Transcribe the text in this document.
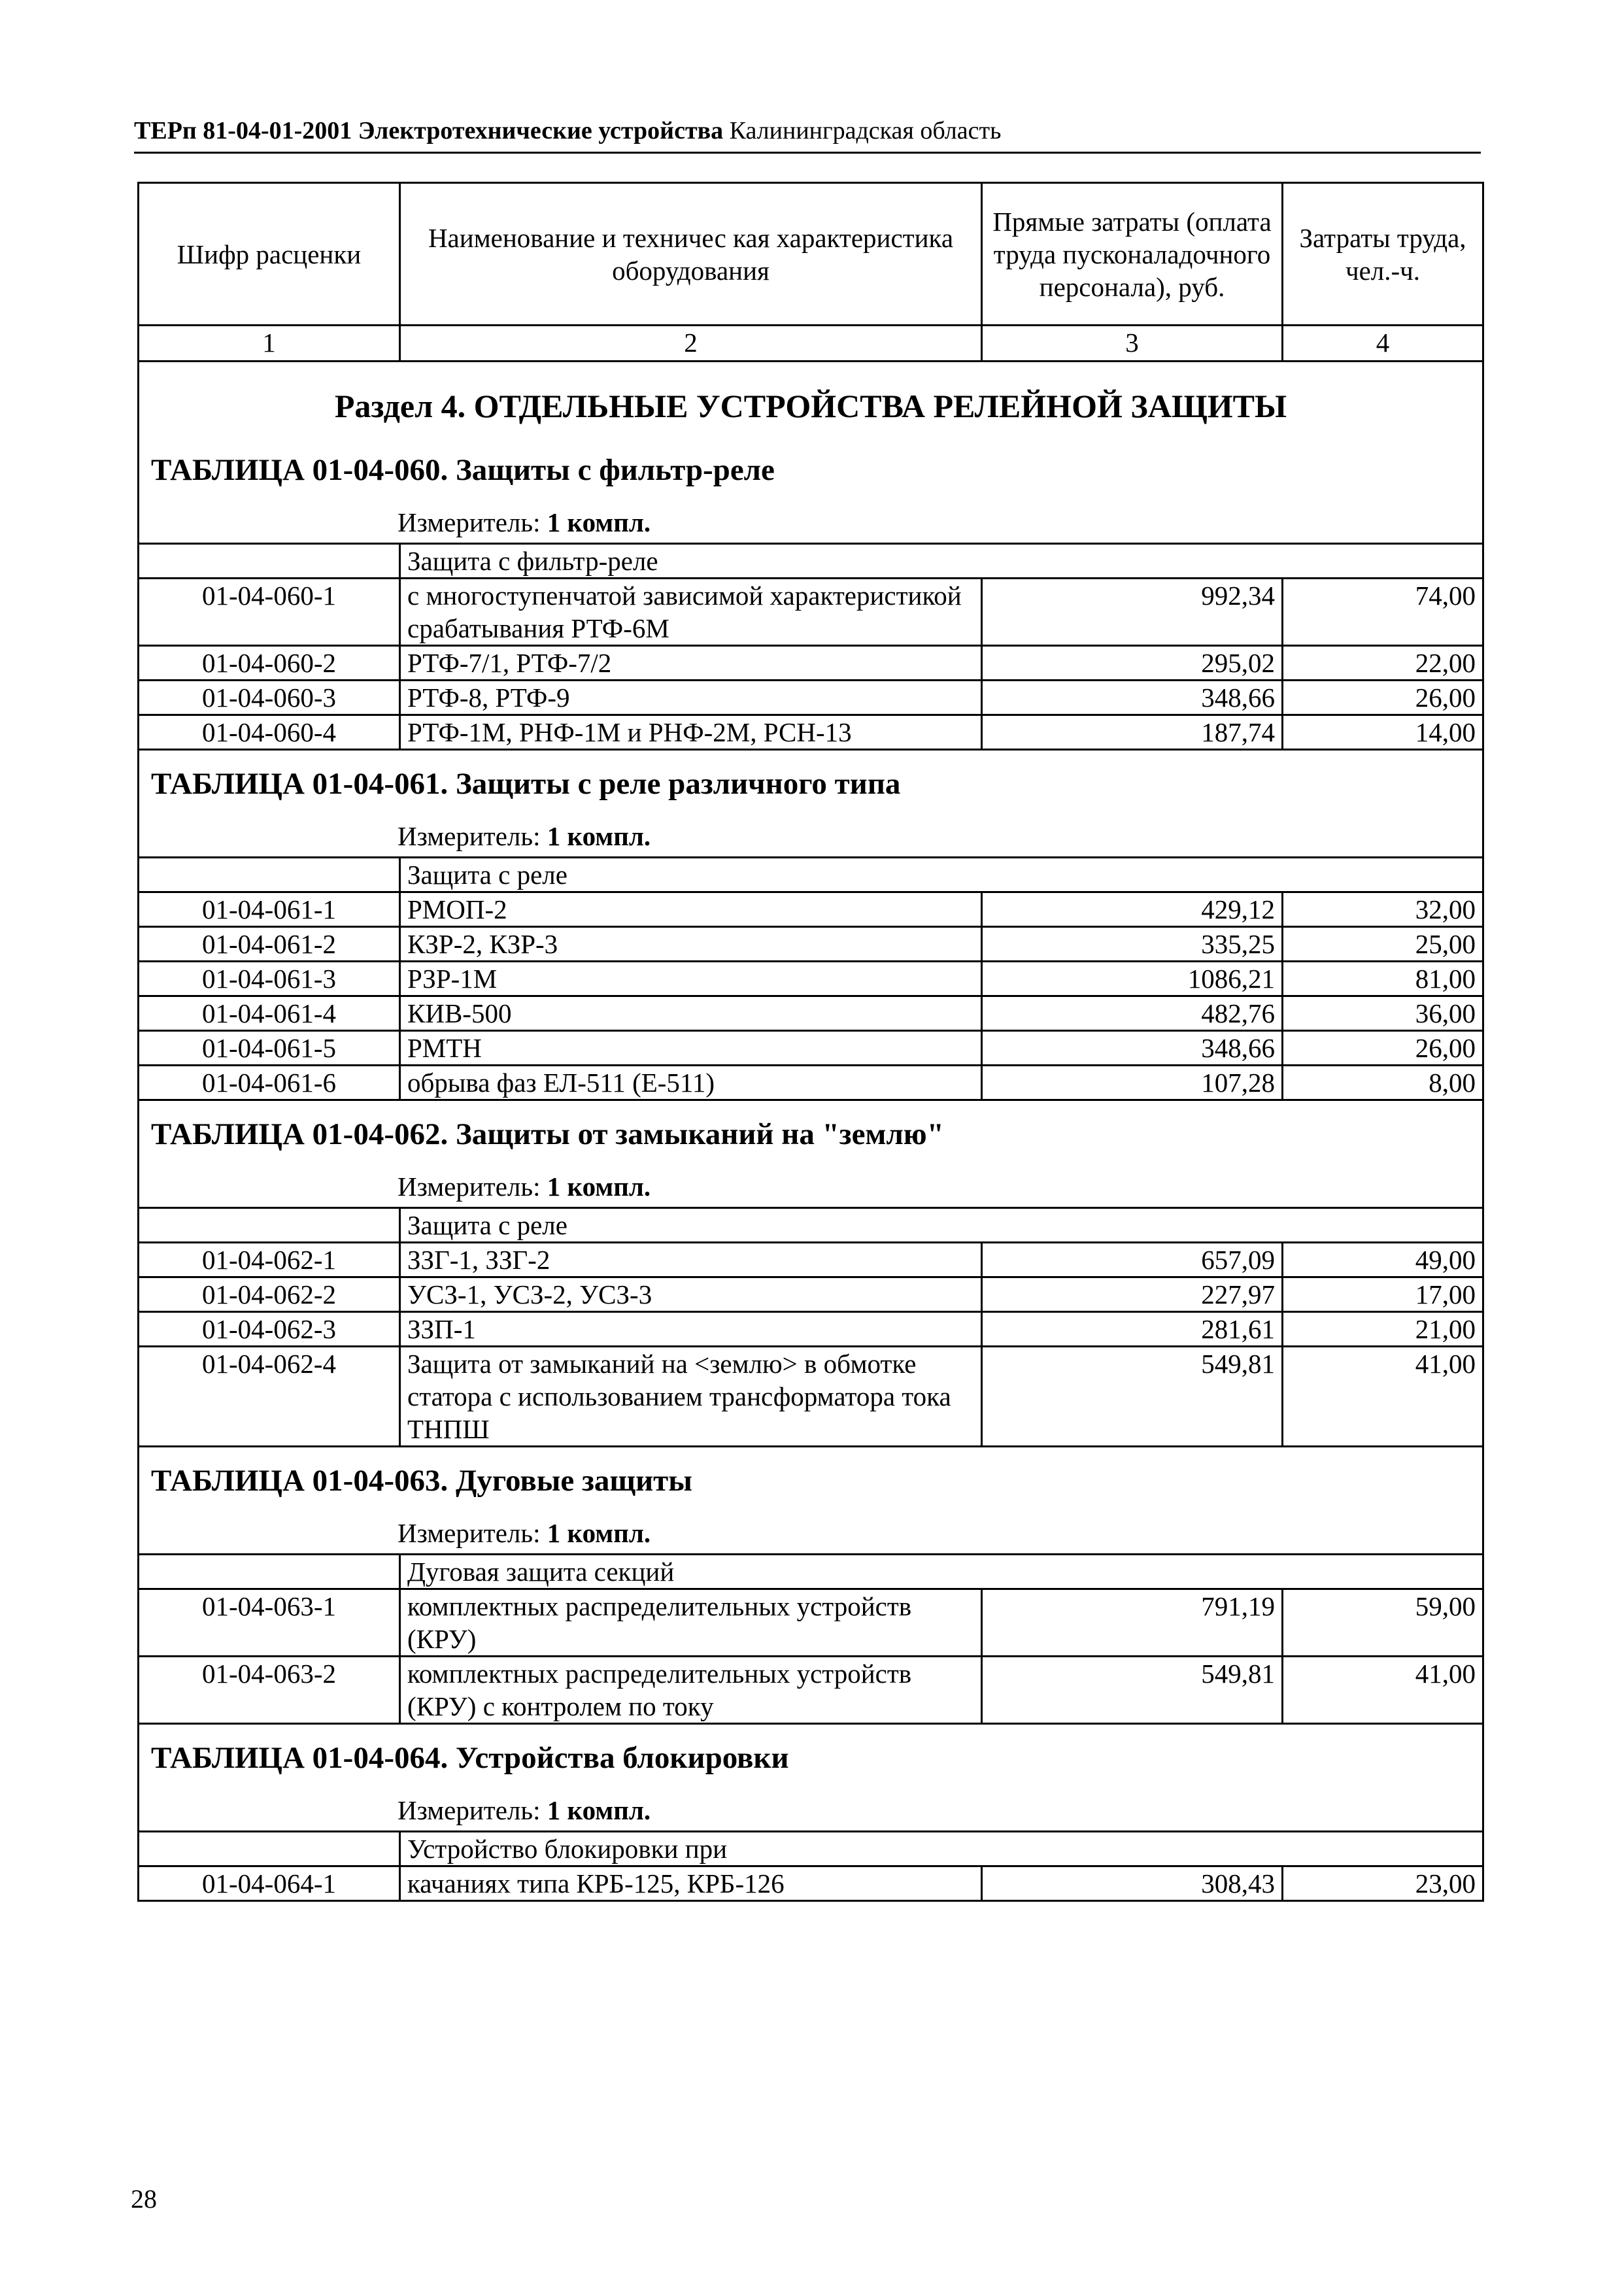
ТЕРп 81-04-01-2001 Электротехнические устройства Калининградская область
Шифр расценки	Наименование и техничес кая характеристика оборудования	Прямые затраты (оплата труда пусконаладочного персонала), руб.	Затраты труда, чел.-ч.
1	2	3	4

Раздел 4. ОТДЕЛЬНЫЕ УСТРОЙСТВА РЕЛЕЙНОЙ ЗАЩИТЫ			

ТАБЛИЦА 01-04-060. Защиты с фильтр-реле
Измеритель: 1 компл.			

	Защита с фильтр-реле		
01-04-060-1	с многоступенчатой зависимой характеристикой срабатывания РТФ-6М	992,34	74,00
01-04-060-2	РТФ-7/1, РТФ-7/2	295,02	22,00
01-04-060-3	РТФ-8, РТФ-9	348,66	26,00
01-04-060-4	РТФ-1М, РНФ-1М и РНФ-2М, РСН-13	187,74	14,00

ТАБЛИЦА 01-04-061. Защиты с реле различного типа
Измеритель: 1 компл.			

	Защита с реле		
01-04-061-1	РМОП-2	429,12	32,00
01-04-061-2	КЗР-2, КЗР-3	335,25	25,00
01-04-061-3	РЗР-1М	1086,21	81,00
01-04-061-4	КИВ-500	482,76	36,00
01-04-061-5	РМТН	348,66	26,00
01-04-061-6	обрыва фаз ЕЛ-511 (Е-511)	107,28	8,00

ТАБЛИЦА 01-04-062. Защиты от замыканий на "землю"
Измеритель: 1 компл.			

	Защита с реле		
01-04-062-1	ЗЗГ-1, ЗЗГ-2	657,09	49,00
01-04-062-2	УСЗ-1, УСЗ-2, УСЗ-3	227,97	17,00
01-04-062-3	ЗЗП-1	281,61	21,00
01-04-062-4	Защита от замыканий на <землю> в обмотке статора с использованием трансформатора тока ТНПШ	549,81	41,00

ТАБЛИЦА 01-04-063. Дуговые защиты
Измеритель: 1 компл.			

	Дуговая защита секций		
01-04-063-1	комплектных распределительных устройств (КРУ)	791,19	59,00
01-04-063-2	комплектных распределительных устройств (КРУ) с контролем по току	549,81	41,00

ТАБЛИЦА 01-04-064. Устройства блокировки
Измеритель: 1 компл.			

	Устройство блокировки при		
01-04-064-1	качаниях типа КРБ-125, КРБ-126	308,43	23,00
28
